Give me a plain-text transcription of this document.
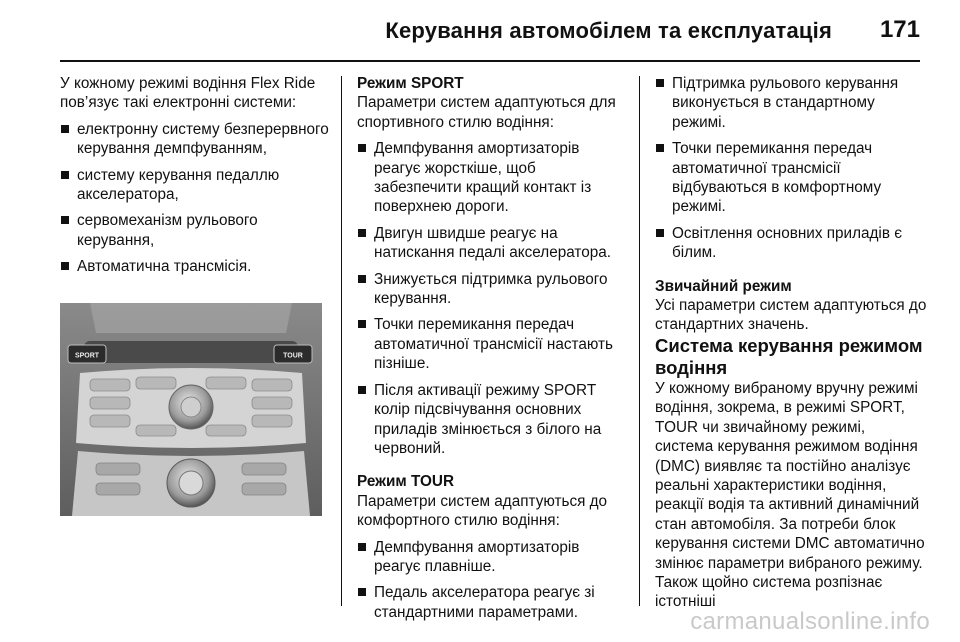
Керування автомобілем та експлуатація 171

У кожному режимі водіння Flex Ride пов’язує такі електронні системи:

електронну систему безперервного керування демпфуванням,
систему керування педаллю акселератора,
сервомеханізм рульового керування,
Автоматична трансмісія.
SPORT	TOUR

Режим SPORT

Параметри систем адаптуються для спортивного стилю водіння:

Демпфування амортизаторів реагує жорсткіше, щоб забезпечити кращий контакт із поверхнею дороги.
Двигун швидше реагує на натискання педалі акселератора.
Знижується підтримка рульового керування.
Точки перемикання передач автоматичної трансмісії настають пізніше.
Після активації режиму SPORT колір підсвічування основних приладів змінюється з білого на червоний.

Режим TOUR

Параметри систем адаптуються до комфортного стилю водіння:

Демпфування амортизаторів реагує плавніше.
Педаль акселератора реагує зі стандартними параметрами.
Підтримка рульового керування виконується в стандартному режимі.
Точки перемикання передач автоматичної трансмісії відбуваються в комфортному режимі.
Освітлення основних приладів є білим.

Звичайний режим

Усі параметри систем адаптуються до стандартних значень.

Система керування режимом водіння

У кожному вибраному вручну режимі водіння, зокрема, в режимі SPORT, TOUR чи звичайному режимі, система керування режимом водіння (DMC) виявляє та постійно аналізує реальні характеристики водіння, реакції водія та активний динамічний стан автомобіля. За потреби блок керування системи DMC автоматично змінює параметри вибраного режиму. Також щойно система розпізнає істотніші

carmanualsonline.info
